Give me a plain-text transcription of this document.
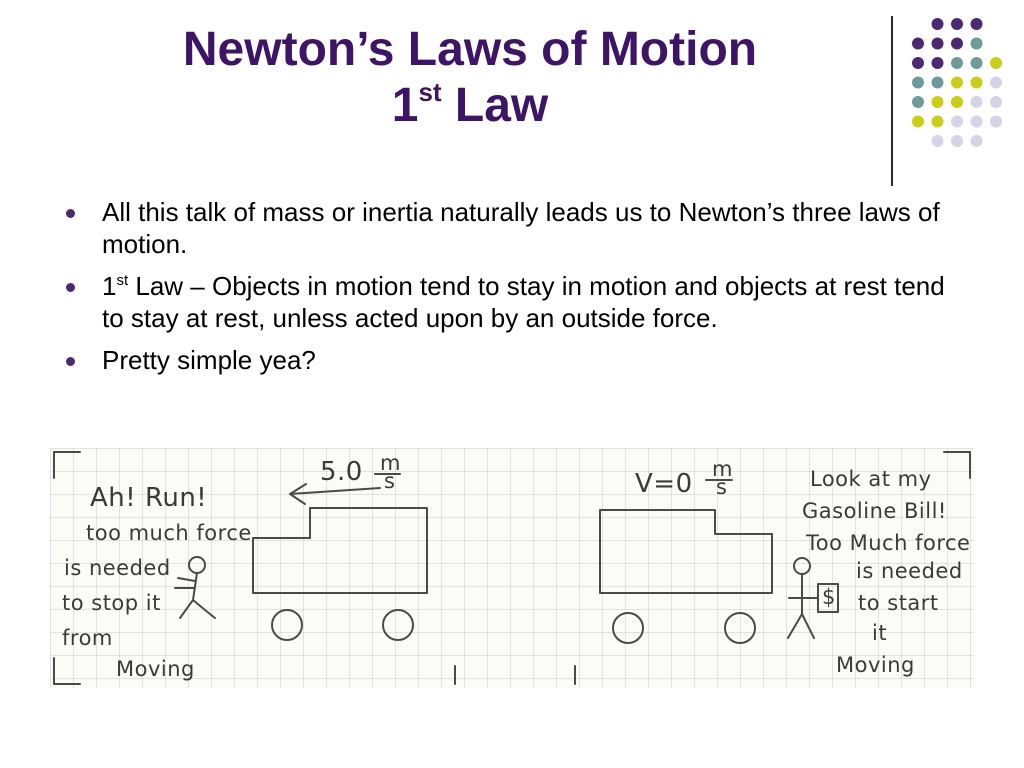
Newton’s Laws of Motion
1st Law
All this talk of mass or inertia naturally leads us to Newton’s three laws of motion.
1st Law – Objects in motion tend to stay in motion and objects at rest tend to stay at rest, unless acted upon by an outside force.
Pretty simple yea?
5.0 m
s
Ah! Run!
too much force
is needed
to stop it
from
Moving
V=0 m
s
$
Look at my
Gasoline Bill!
Too Much force
is needed
to start
it
Moving
